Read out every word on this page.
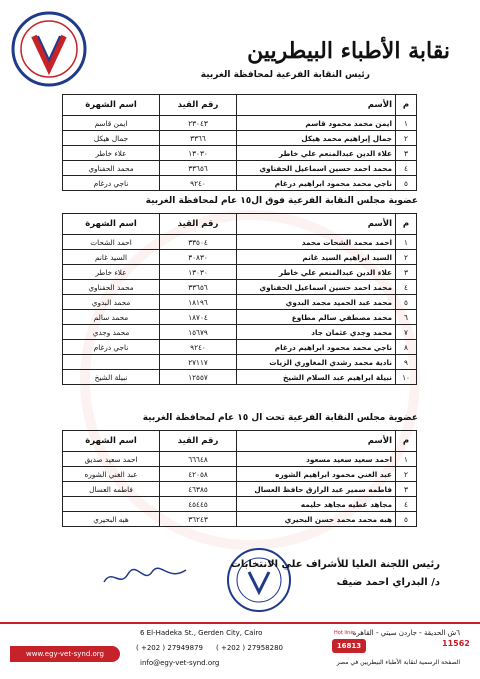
نقابة الأطباء البيطريين
رئيس النقابة الفرعية لمحافظة الغربية
م	الأسم	رقم القيد	اسم الشهرة
١	ايمن محمد محمود قاسم	٢٣٠٤٣	ايمن قاسم
٢	جمال إبراهيم محمد هيكل	٣٣٦٦	جمال هيكل
٣	علاء الدين عبدالمنعم علي خاطر	١٣٠٣٠	علاء خاطر
٤	محمد احمد حسين اسماعيل الحفناوي	٣٣٦٥٦	محمد الحفناوي
٥	ناجي محمد محمود ابراهيم درغام	٩٢٤٠	ناجي درغام
عضوية مجلس النقابة الفرعية فوق ال١٥ عام لمحافظة الغربية
م	الأسم	رقم القيد	اسم الشهرة
١	احمد محمد الشحات محمد	٣٣٥٠٤	احمد الشحات
٢	السيد ابراهيم السيد غانم	٣٠٨٣٠	السيد غانم
٣	علاء الدين عبدالمنعم علي خاطر	١٣٠٣٠	علاء خاطر
٤	محمد احمد حسين اسماعيل الحفناوي	٣٣٦٥٦	محمد الحفناوي
٥	محمد عبد الحميد محمد البدوي	١٨١٩٦	محمد البدوي
٦	محمد مصطفي سالم مطاوع	١٨٧٠٤	محمد سالم
٧	محمد وجدي عثمان جاد	١٥٦٧٩	محمد وجدي
٨	ناجي محمد محمود ابراهيم درغام	٩٢٤٠	ناجي درغام
٩	نادية محمد رشدي المغاوري الزيات	٢٧١١٧	
١٠	نبيلة ابراهيم عبد السلام الشيخ	١٢٥٥٧	نبيلة الشيخ
عضوية مجلس النقابة الفرعية تحت ال ١٥ عام لمحافظة الغربية
م	الأسم	رقم القيد	اسم الشهرة
١	احمد سعيد سعيد مسعود	٦٦٦٤٨	احمد سعيد صديق
٢	عبد الغني محمود ابراهيم الشوره	٤٢٠٥٨	عبد الغني الشوره
٣	فاطمه سمير عبد الرازق حافظ العسال	٤٦٣٨٥	فاطمه العسال
٤	مجاهد عطيه مجاهد حليمه	٤٥٤٤٥	
٥	هبه محمد محمد حسن البحيري	٣٦٢٤٣	هبه البحيري
رئيس اللجنة العليا للأشراف علي الانتخابات
د/ البدراي احمد ضيف
6 El-Hadeka St., Gerden City, Cairo
( +202 ) 27949879 ( +202 ) 27958280
info@egy-vet-synd.org
www.egy-vet-synd.org
٦ش الحديقة - جاردن سيتي - القاهرة
16813
Hot line
11562
الصفحة الرسمية لنقابة الأطباء البيطريين في مصر
